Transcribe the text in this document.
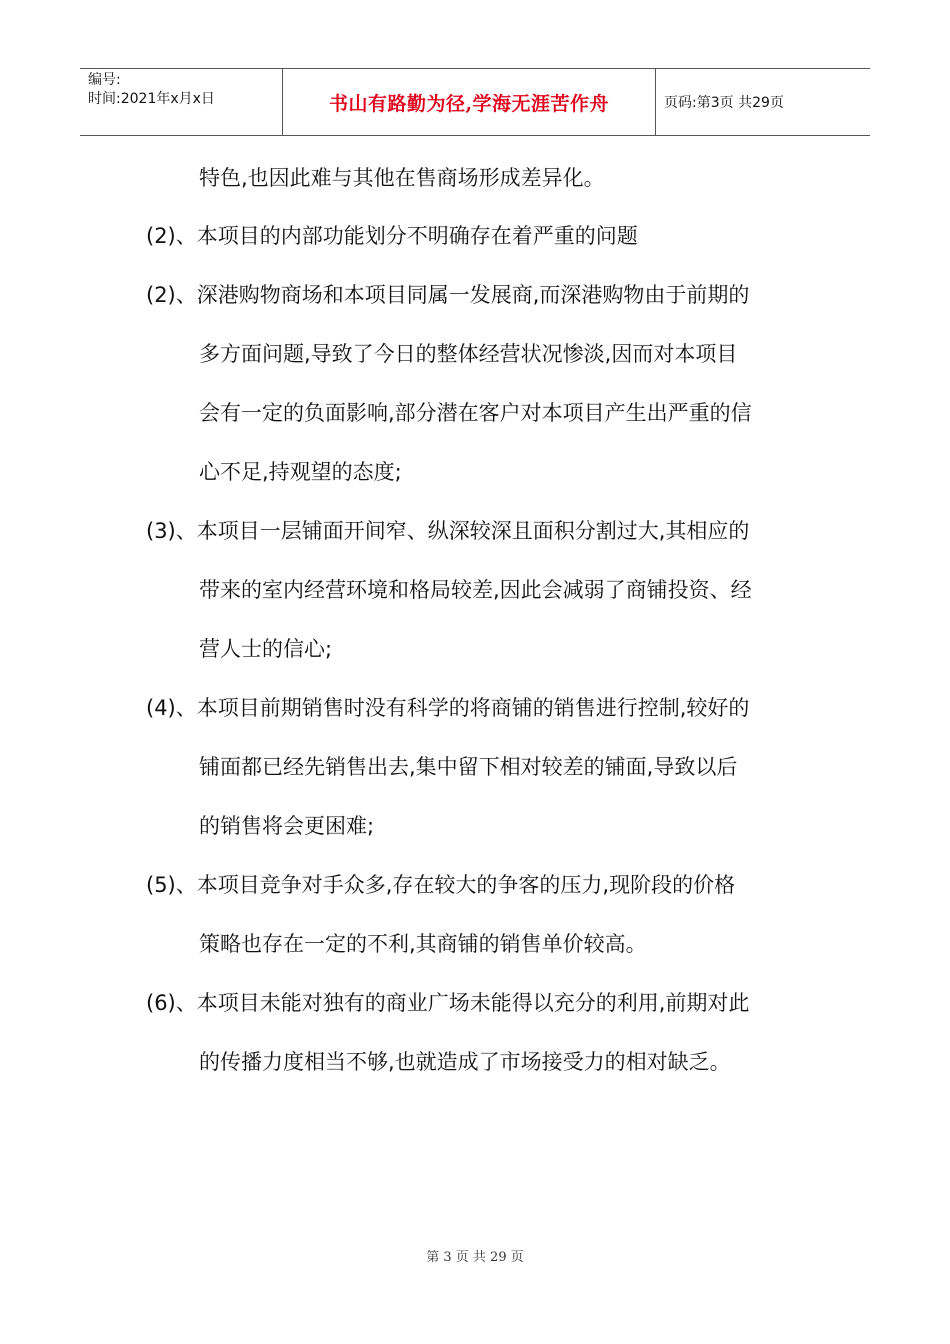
编号:
时间:2021年x月x日	书山有路勤为径,学海无涯苦作舟	页码:第3页 共29页
特色,也因此难与其他在售商场形成差异化。
(2)、本项目的内部功能划分不明确存在着严重的问题
(2)、深港购物商场和本项目同属一发展商,而深港购物由于前期的
多方面问题,导致了今日的整体经营状况惨淡,因而对本项目
会有一定的负面影响,部分潜在客户对本项目产生出严重的信
心不足,持观望的态度;
(3)、本项目一层铺面开间窄、纵深较深且面积分割过大,其相应的
带来的室内经营环境和格局较差,因此会减弱了商铺投资、经
营人士的信心;
(4)、本项目前期销售时没有科学的将商铺的销售进行控制,较好的
铺面都已经先销售出去,集中留下相对较差的铺面,导致以后
的销售将会更困难;
(5)、本项目竞争对手众多,存在较大的争客的压力,现阶段的价格
策略也存在一定的不利,其商铺的销售单价较高。
(6)、本项目未能对独有的商业广场未能得以充分的利用,前期对此
的传播力度相当不够,也就造成了市场接受力的相对缺乏。
第 3 页 共 29 页
